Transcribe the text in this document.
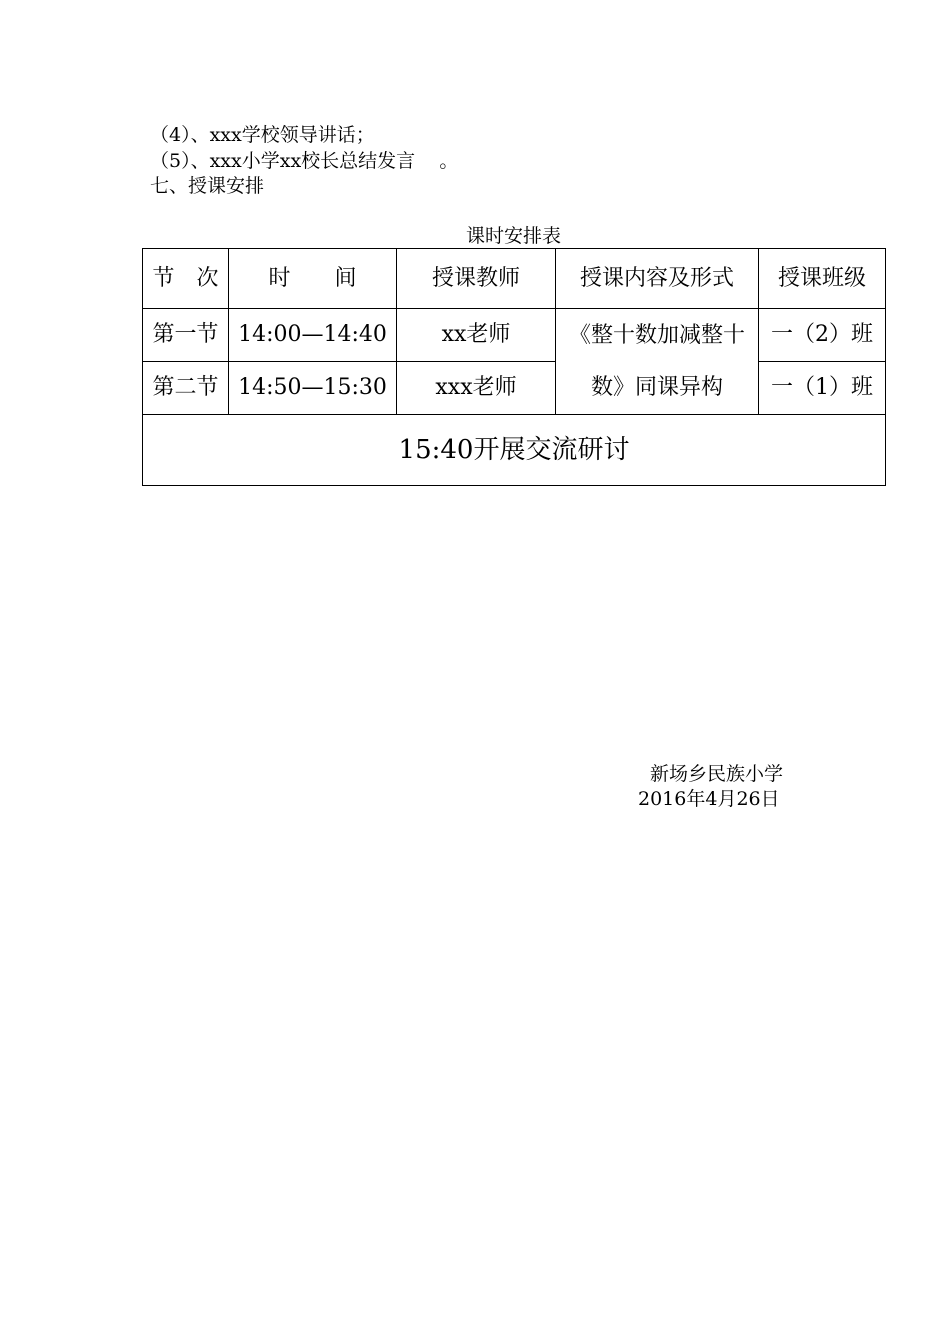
（4）、xxx学校领导讲话；
（5）、xxx小学xx校长总结发言    。
七、授课安排
课时安排表
节　次	时　　间	授课教师	授课内容及形式	授课班级
第一节	14:00—14:40	xx老师	《整十数加减整十数》同课异构	一（2）班
第二节	14:50—15:30	xxx老师		一（1）班
15:40开展交流研讨				
新场乡民族小学
2016年4月26日
